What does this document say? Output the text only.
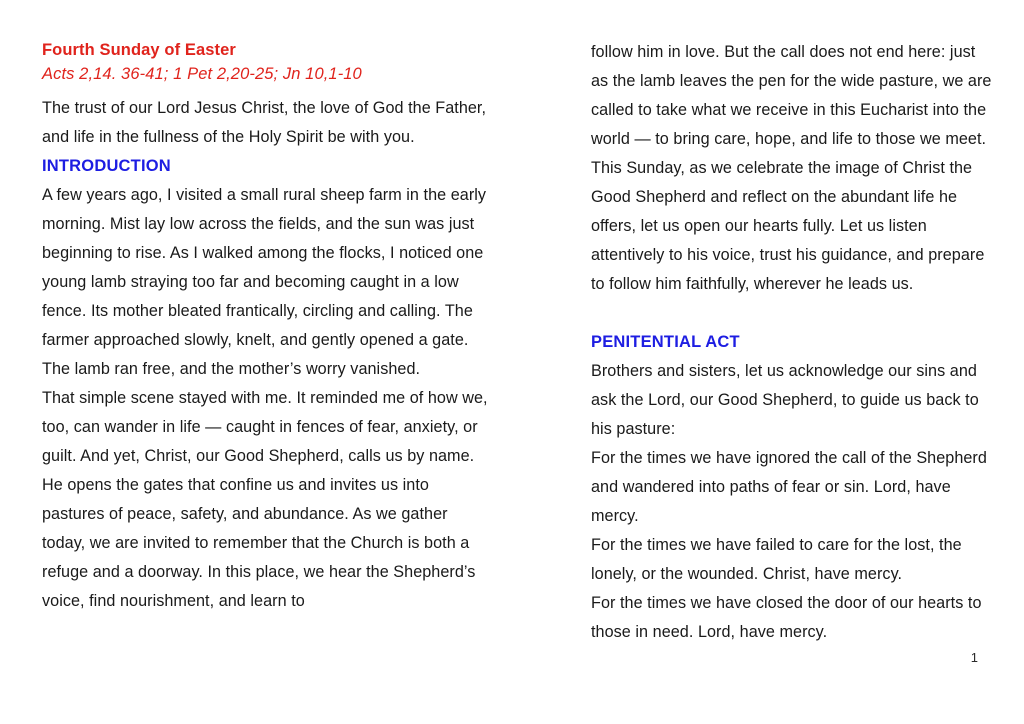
Fourth Sunday of Easter

Acts 2,14. 36-41; 1 Pet 2,20-25; Jn 10,1-10

The trust of our Lord Jesus Christ, the love of God the Father, and life in the fullness of the Holy Spirit be with you.

INTRODUCTION

A few years ago, I visited a small rural sheep farm in the early morning. Mist lay low across the fields, and the sun was just beginning to rise. As I walked among the flocks, I noticed one young lamb straying too far and becoming caught in a low fence. Its mother bleated frantically, circling and calling. The farmer approached slowly, knelt, and gently opened a gate. The lamb ran free, and the mother’s worry vanished.

That simple scene stayed with me. It reminded me of how we, too, can wander in life — caught in fences of fear, anxiety, or guilt. And yet, Christ, our Good Shepherd, calls us by name. He opens the gates that confine us and invites us into pastures of peace, safety, and abundance. As we gather today, we are invited to remember that the Church is both a refuge and a doorway. In this place, we hear the Shepherd’s voice, find nourishment, and learn to

follow him in love. But the call does not end here: just as the lamb leaves the pen for the wide pasture, we are called to take what we receive in this Eucharist into the world — to bring care, hope, and life to those we meet.

This Sunday, as we celebrate the image of Christ the Good Shepherd and reflect on the abundant life he offers, let us open our hearts fully. Let us listen attentively to his voice, trust his guidance, and prepare to follow him faithfully, wherever he leads us.

PENITENTIAL ACT

Brothers and sisters, let us acknowledge our sins and ask the Lord, our Good Shepherd, to guide us back to his pasture:

For the times we have ignored the call of the Shepherd and wandered into paths of fear or sin. Lord, have mercy.

For the times we have failed to care for the lost, the lonely, or the wounded. Christ, have mercy.

For the times we have closed the door of our hearts to those in need. Lord, have mercy.

1
